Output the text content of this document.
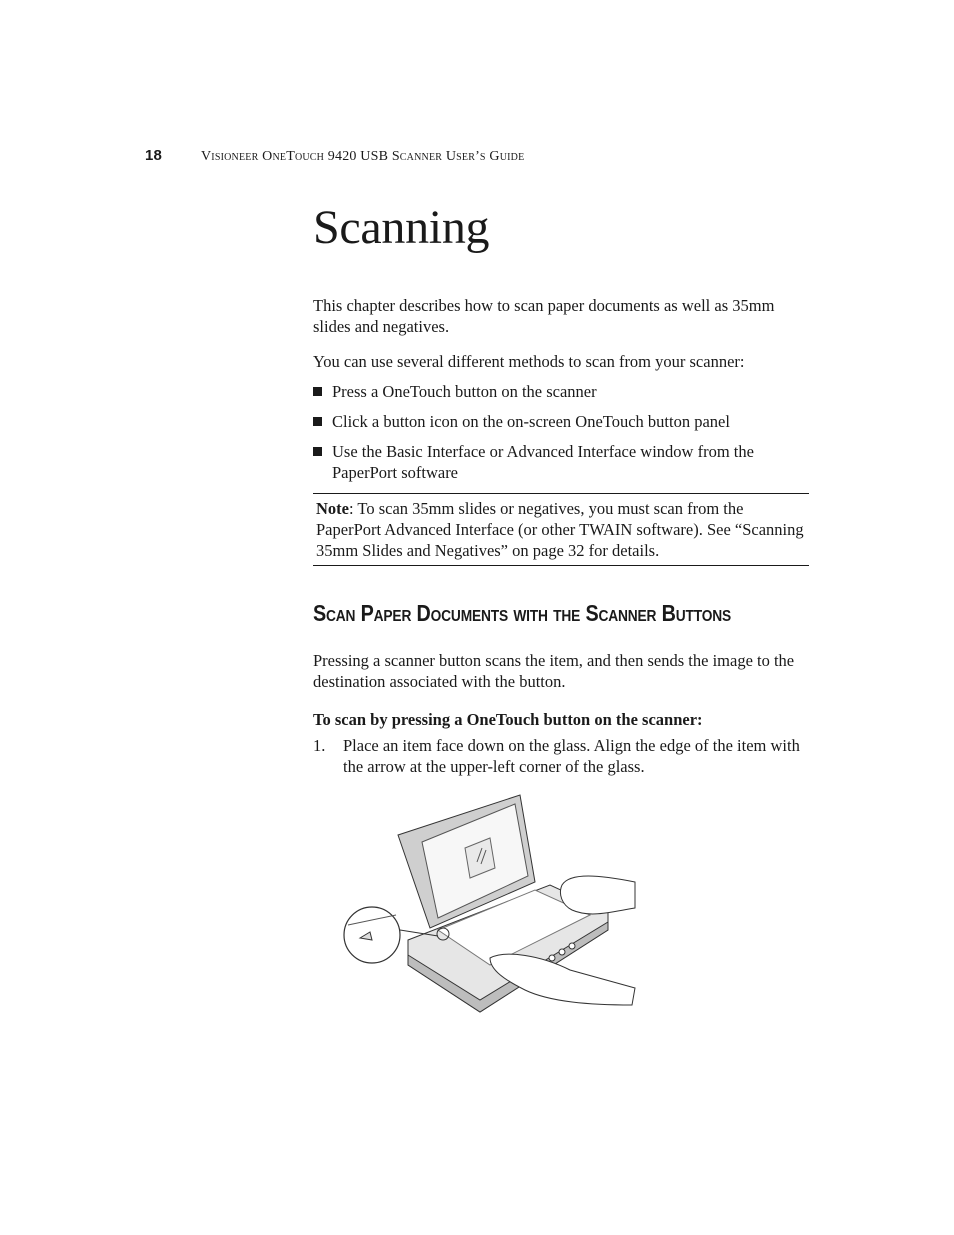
18	Visioneer OneTouch 9420 USB Scanner User’s Guide
Scanning

This chapter describes how to scan paper documents as well as 35mm slides and negatives.

You can use several different methods to scan from your scanner:

Press a OneTouch button on the scanner
Click a button icon on the on-screen OneTouch button panel
Use the Basic Interface or Advanced Interface window from the PaperPort software

Note: To scan 35mm slides or negatives, you must scan from the PaperPort Advanced Interface (or other TWAIN software). See “Scanning 35mm Slides and Negatives” on page 32 for details.

Scan Paper Documents with the Scanner Buttons

Pressing a scanner button scans the item, and then sends the image to the destination associated with the button.

To scan by pressing a OneTouch button on the scanner:
1. Place an item face down on the glass. Align the edge of the item with the arrow at the upper-left corner of the glass.
